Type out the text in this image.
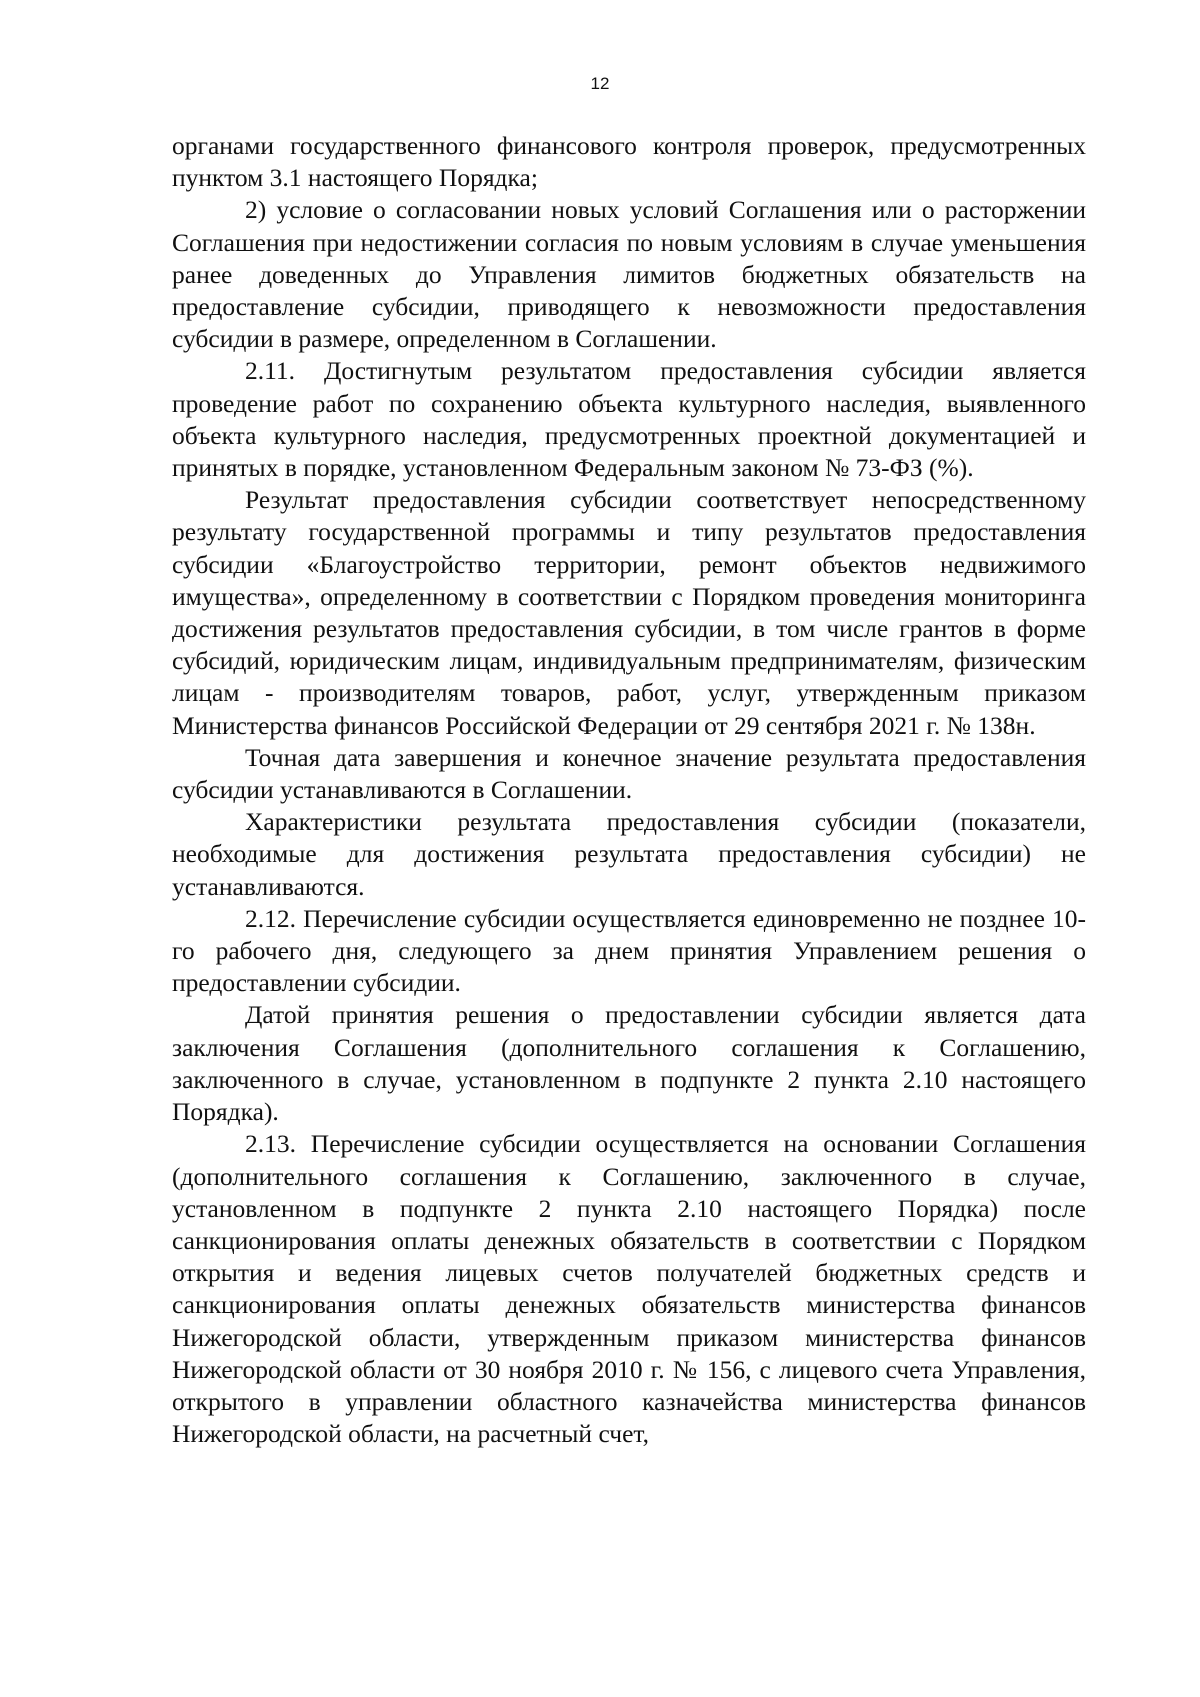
12

органами государственного финансового контроля проверок, предусмотренных пунктом 3.1 настоящего Порядка;

2) условие о согласовании новых условий Соглашения или о расторжении Соглашения при недостижении согласия по новым условиям в случае уменьшения ранее доведенных до Управления лимитов бюджетных обязательств на предоставление субсидии, приводящего к невозможности предоставления субсидии в размере, определенном в Соглашении.

2.11. Достигнутым результатом предоставления субсидии является проведение работ по сохранению объекта культурного наследия, выявленного объекта культурного наследия, предусмотренных проектной документацией и принятых в порядке, установленном Федеральным законом № 73-ФЗ (%).

Результат предоставления субсидии соответствует непосредственному результату государственной программы и типу результатов предоставления субсидии «Благоустройство территории, ремонт объектов недвижимого имущества», определенному в соответствии с Порядком проведения мониторинга достижения результатов предоставления субсидии, в том числе грантов в форме субсидий, юридическим лицам, индивидуальным предпринимателям, физическим лицам - производителям товаров, работ, услуг, утвержденным приказом Министерства финансов Российской Федерации от 29 сентября 2021 г. № 138н.

Точная дата завершения и конечное значение результата предоставления субсидии устанавливаются в Соглашении.

Характеристики результата предоставления субсидии (показатели, необходимые для достижения результата предоставления субсидии) не устанавливаются.

2.12. Перечисление субсидии осуществляется единовременно не позднее 10-го рабочего дня, следующего за днем принятия Управлением решения о предоставлении субсидии.

Датой принятия решения о предоставлении субсидии является дата заключения Соглашения (дополнительного соглашения к Соглашению, заключенного в случае, установленном в подпункте 2 пункта 2.10 настоящего Порядка).

2.13. Перечисление субсидии осуществляется на основании Соглашения (дополнительного соглашения к Соглашению, заключенного в случае, установленном в подпункте 2 пункта 2.10 настоящего Порядка) после санкционирования оплаты денежных обязательств в соответствии с Порядком открытия и ведения лицевых счетов получателей бюджетных средств и санкционирования оплаты денежных обязательств министерства финансов Нижегородской области, утвержденным приказом министерства финансов Нижегородской области от 30 ноября 2010 г. № 156, с лицевого счета Управления, открытого в управлении областного казначейства министерства финансов Нижегородской области, на расчетный счет,
